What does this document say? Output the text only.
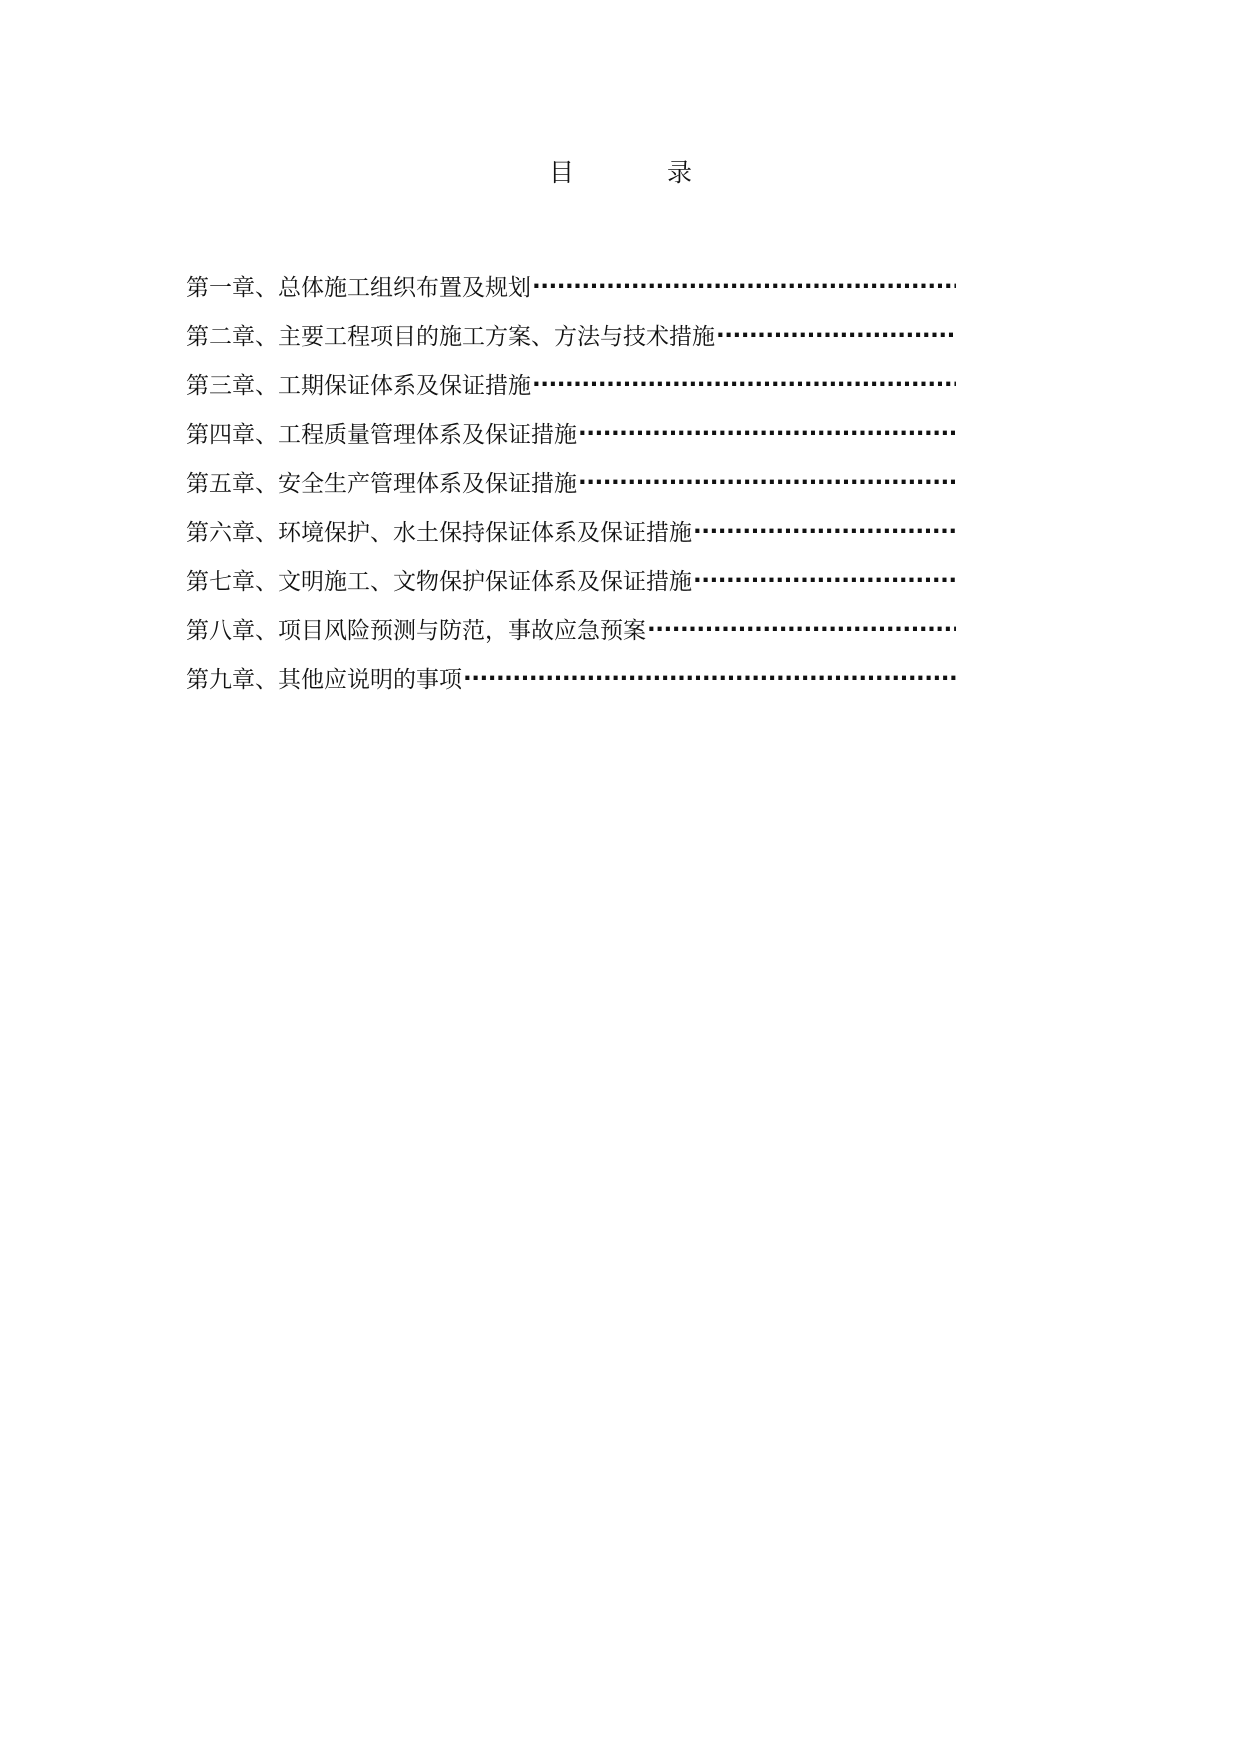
目	录
第一章、总体施工组织布置及规划
·····
第二章、主要工程项目的施工方案、方法与技术措施
·····
第三章、工期保证体系及保证措施
·····
第四章、工程质量管理体系及保证措施
·····
第五章、安全生产管理体系及保证措施
·····
第六章、环境保护、水土保持保证体系及保证措施
·····
第七章、文明施工、文物保护保证体系及保证措施
·····
第八章、项目风险预测与防范，事故应急预案
·····
第九章、其他应说明的事项
·····
